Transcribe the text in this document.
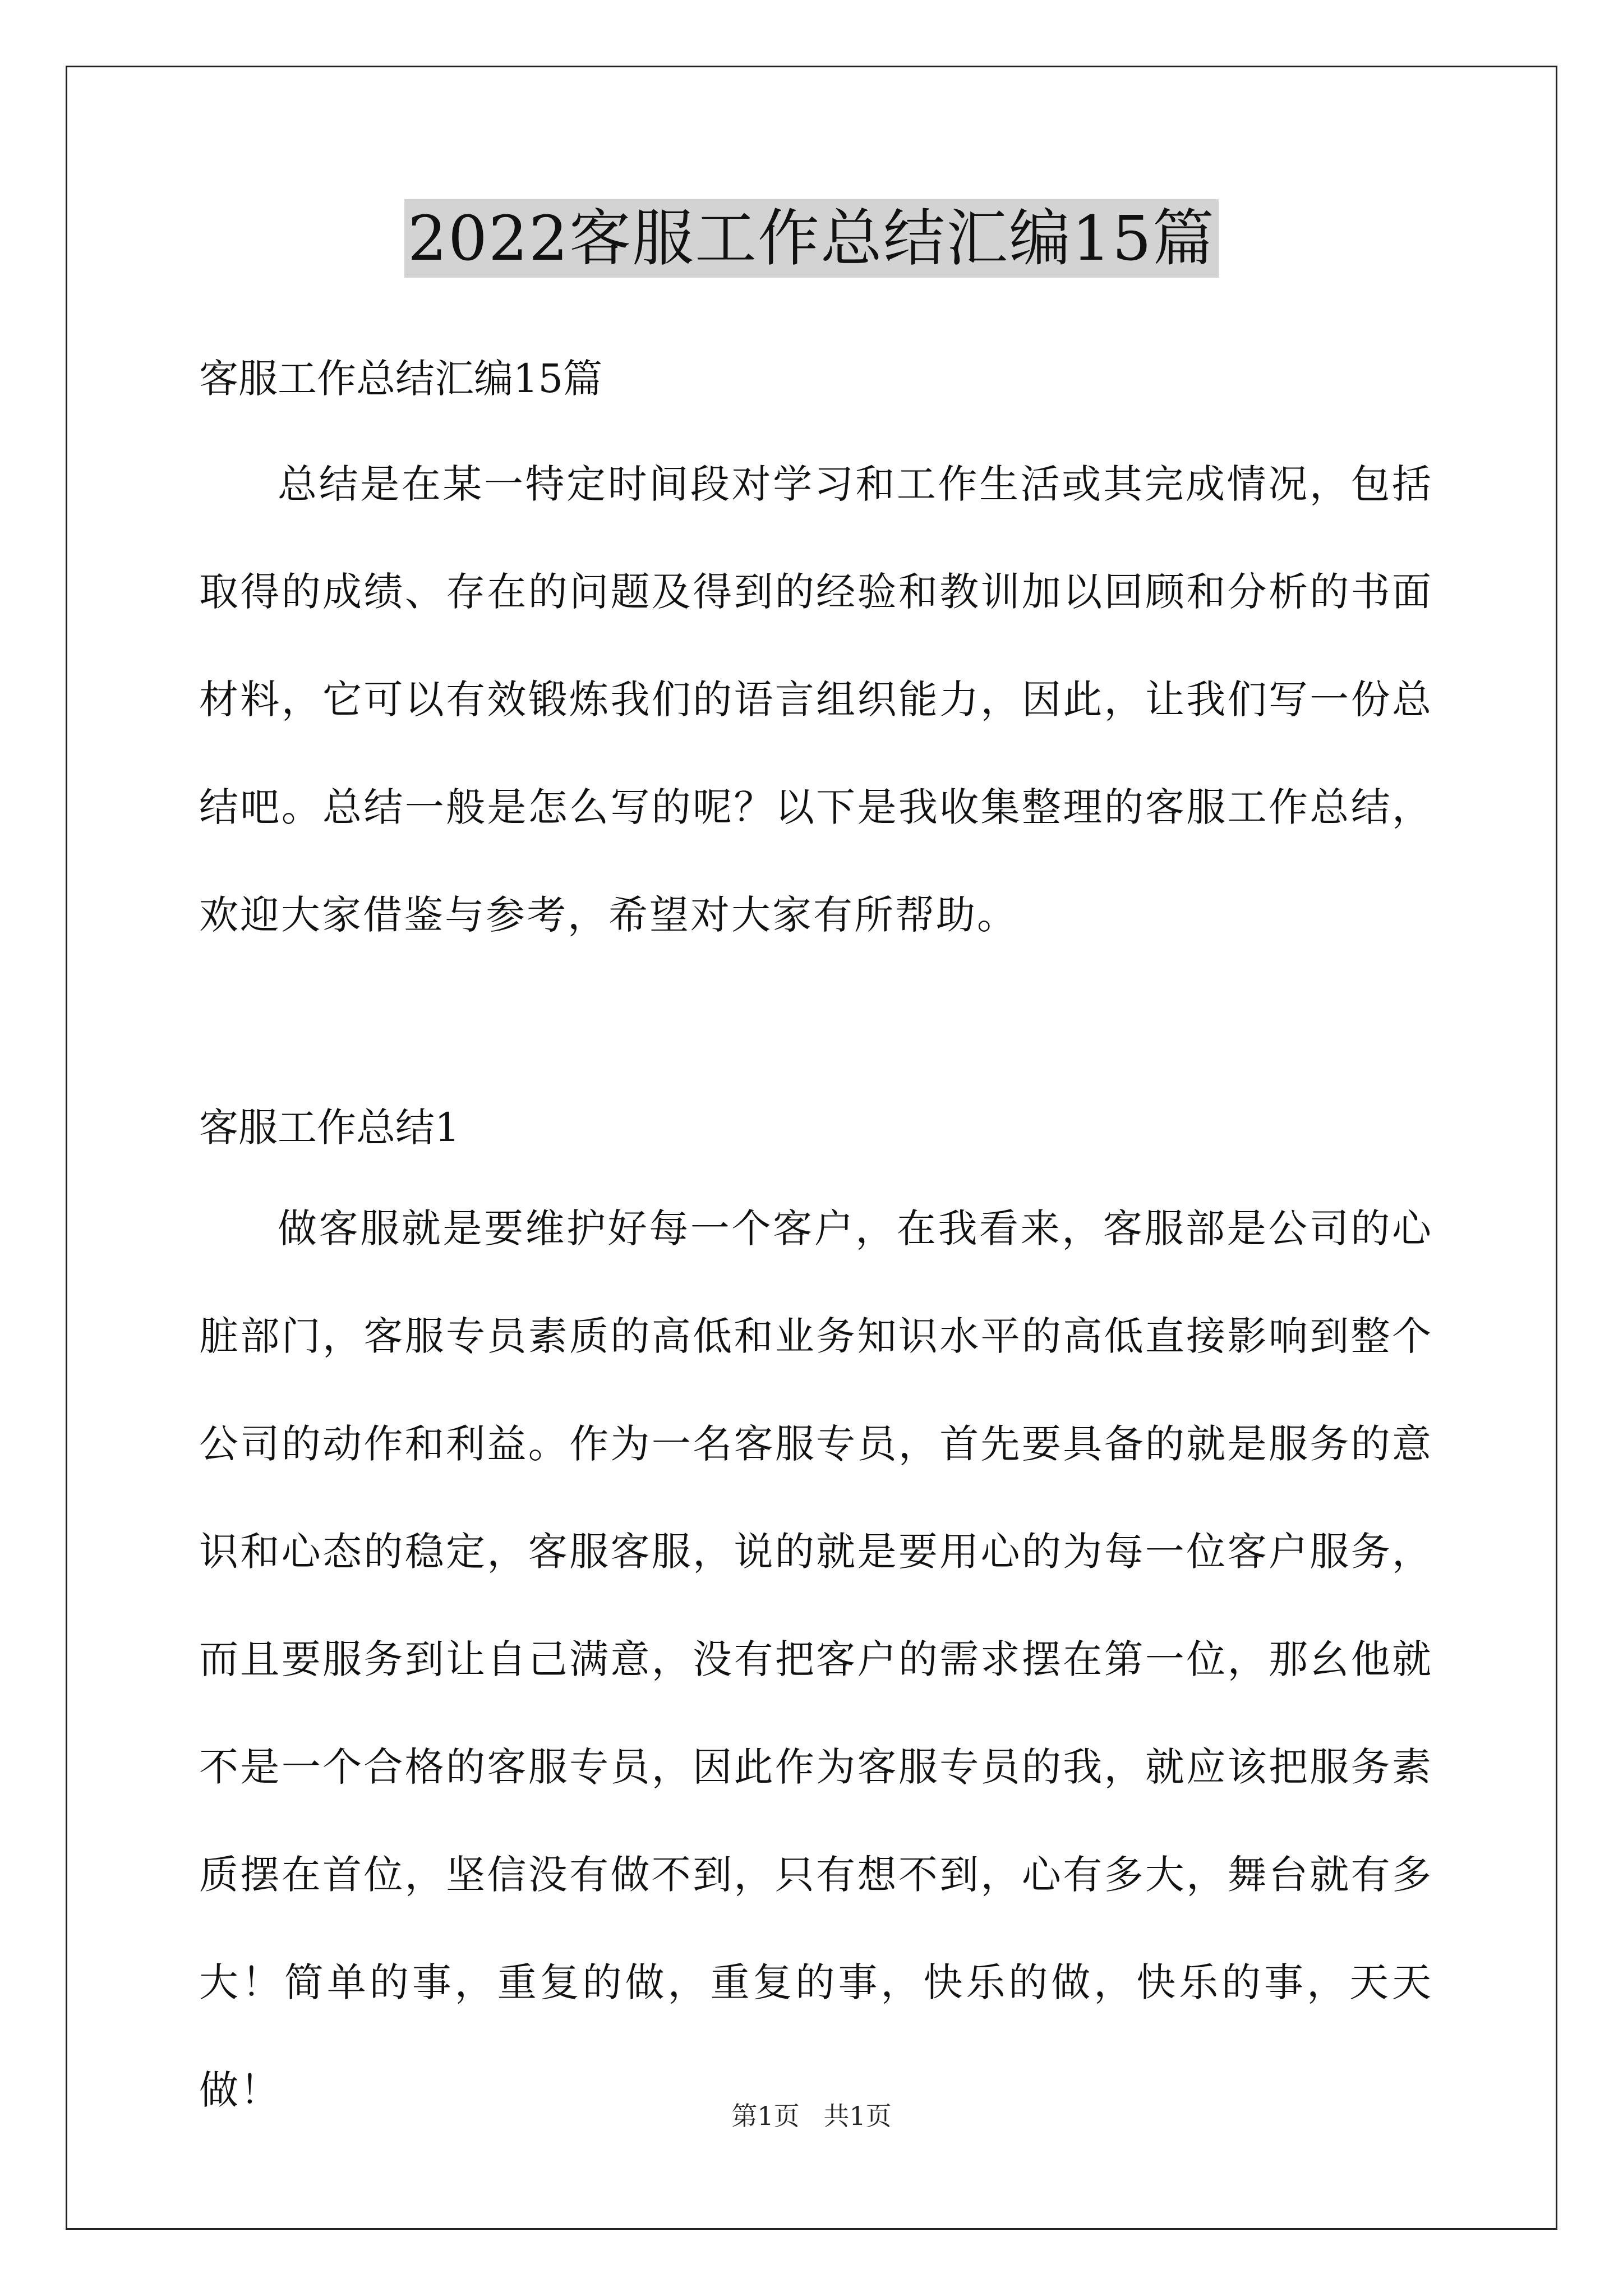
2022客服工作总结汇编15篇
客服工作总结汇编15篇

总结是在某一特定时间段对学习和工作生活或其完成情况，包括取得的成绩、存在的问题及得到的经验和教训加以回顾和分析的书面材料，它可以有效锻炼我们的语言组织能力，因此，让我们写一份总结吧。总结一般是怎么写的呢？以下是我收集整理的客服工作总结，欢迎大家借鉴与参考，希望对大家有所帮助。

客服工作总结1

做客服就是要维护好每一个客户，在我看来，客服部是公司的心脏部门，客服专员素质的高低和业务知识水平的高低直接影响到整个公司的动作和利益。作为一名客服专员，首先要具备的就是服务的意识和心态的稳定，客服客服，说的就是要用心的为每一位客户服务，而且要服务到让自己满意，没有把客户的需求摆在第一位，那幺他就不是一个合格的客服专员，因此作为客服专员的我，就应该把服务素质摆在首位，坚信没有做不到，只有想不到，心有多大，舞台就有多大！简单的事，重复的做，重复的事，快乐的做，快乐的事，天天做！

第1页 共1页
